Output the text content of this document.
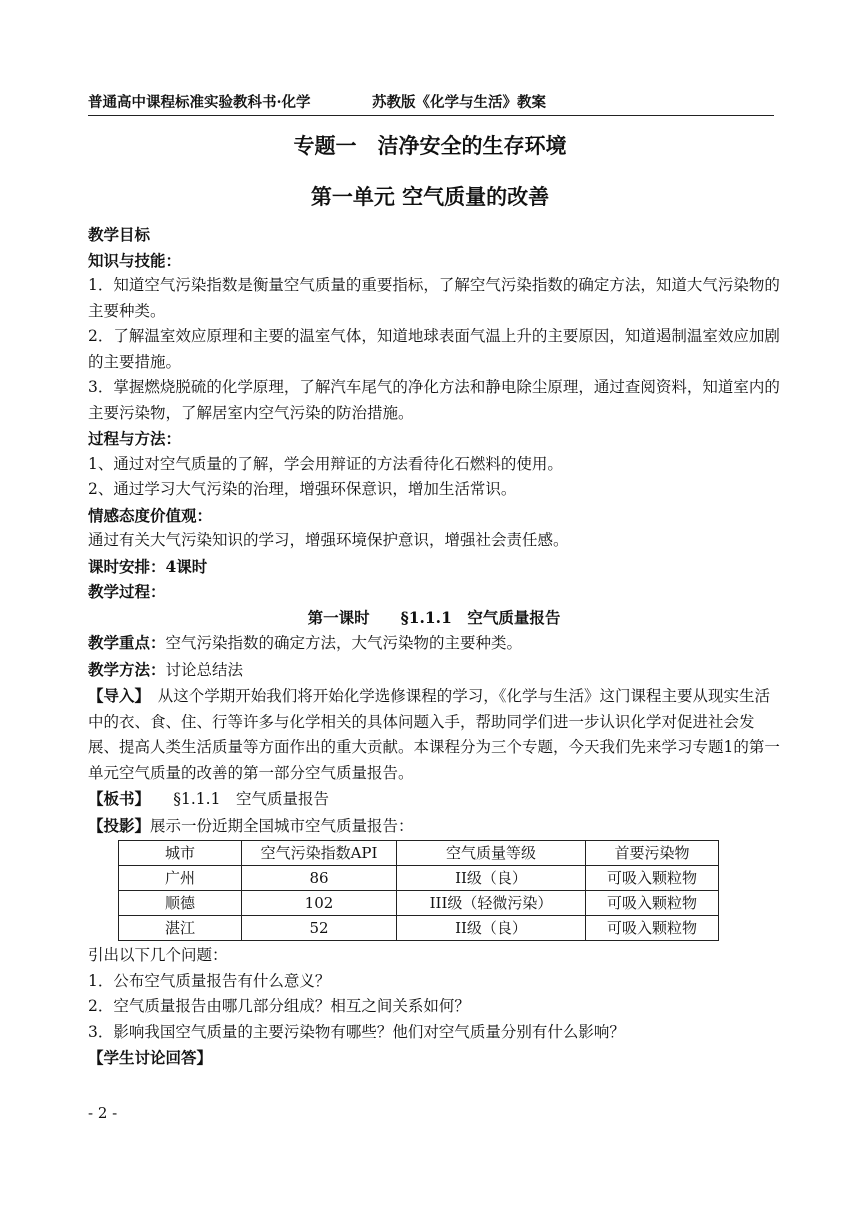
普通高中课程标准实验教科书·化学	苏教版《化学与生活》教案
专题一　洁净安全的生存环境
第一单元 空气质量的改善

教学目标

知识与技能：

1．知道空气污染指数是衡量空气质量的重要指标，了解空气污染指数的确定方法，知道大气污染物的主要种类。

2．了解温室效应原理和主要的温室气体，知道地球表面气温上升的主要原因，知道遏制温室效应加剧的主要措施。

3．掌握燃烧脱硫的化学原理，了解汽车尾气的净化方法和静电除尘原理，通过查阅资料，知道室内的主要污染物，了解居室内空气污染的防治措施。

过程与方法：

1、通过对空气质量的了解，学会用辩证的方法看待化石燃料的使用。

2、通过学习大气污染的治理，增强环保意识，增加生活常识。

情感态度价值观：

通过有关大气污染知识的学习，增强环境保护意识，增强社会责任感。

课时安排：4课时

教学过程：

第一课时　　§1.1.1　空气质量报告

教学重点：空气污染指数的确定方法，大气污染物的主要种类。

教学方法：讨论总结法

【导入】　从这个学期开始我们将开始化学选修课程的学习，《化学与生活》这门课程主要从现实生活中的衣、食、住、行等许多与化学相关的具体问题入手，帮助同学们进一步认识化学对促进社会发展、提高人类生活质量等方面作出的重大贡献。本课程分为三个专题，今天我们先来学习专题1的第一单元空气质量的改善的第一部分空气质量报告。

【板书】　　§1.1.1　空气质量报告

【投影】展示一份近期全国城市空气质量报告：

城市	空气污染指数API	空气质量等级	首要污染物
广州	86	II级（良）	可吸入颗粒物
顺德	102	III级（轻微污染）	可吸入颗粒物
湛江	52	II级（良）	可吸入颗粒物

引出以下几个问题：

1．公布空气质量报告有什么意义？

2．空气质量报告由哪几部分组成？相互之间关系如何？

3．影响我国空气质量的主要污染物有哪些？他们对空气质量分别有什么影响？

【学生讨论回答】

- 2 -
